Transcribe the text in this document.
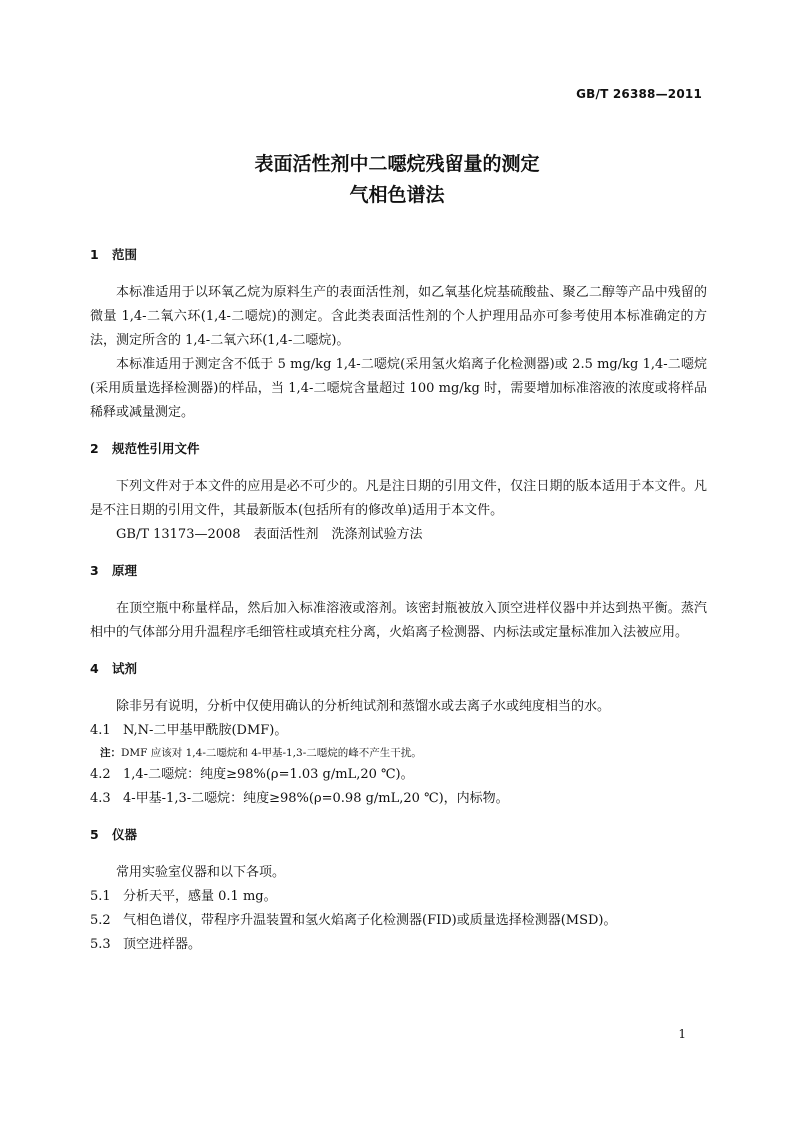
GB/T 26388—2011
表面活性剂中二噁烷残留量的测定
气相色谱法
1 范围
本标准适用于以环氧乙烷为原料生产的表面活性剂，如乙氧基化烷基硫酸盐、聚乙二醇等产品中残留的微量 1,4-二氧六环(1,4-二噁烷)的测定。含此类表面活性剂的个人护理用品亦可参考使用本标准确定的方法，测定所含的 1,4-二氧六环(1,4-二噁烷)。
本标准适用于测定含不低于 5 mg/kg 1,4-二噁烷(采用氢火焰离子化检测器)或 2.5 mg/kg 1,4-二噁烷(采用质量选择检测器)的样品，当 1,4-二噁烷含量超过 100 mg/kg 时，需要增加标准溶液的浓度或将样品稀释或减量测定。
2 规范性引用文件
下列文件对于本文件的应用是必不可少的。凡是注日期的引用文件，仅注日期的版本适用于本文件。凡是不注日期的引用文件，其最新版本(包括所有的修改单)适用于本文件。
GB/T 13173—2008　表面活性剂　洗涤剂试验方法
3 原理
在顶空瓶中称量样品，然后加入标准溶液或溶剂。该密封瓶被放入顶空进样仪器中并达到热平衡。蒸汽相中的气体部分用升温程序毛细管柱或填充柱分离，火焰离子检测器、内标法或定量标准加入法被应用。
4 试剂
除非另有说明，分析中仅使用确认的分析纯试剂和蒸馏水或去离子水或纯度相当的水。
4.1 N,N-二甲基甲酰胺(DMF)。
注：DMF 应该对 1,4-二噁烷和 4-甲基-1,3-二噁烷的峰不产生干扰。
4.2 1,4-二噁烷：纯度≥98%(ρ=1.03 g/mL,20 ℃)。
4.3 4-甲基-1,3-二噁烷：纯度≥98%(ρ=0.98 g/mL,20 ℃)，内标物。
5 仪器
常用实验室仪器和以下各项。
5.1 分析天平，感量 0.1 mg。
5.2 气相色谱仪，带程序升温装置和氢火焰离子化检测器(FID)或质量选择检测器(MSD)。
5.3 顶空进样器。
1
